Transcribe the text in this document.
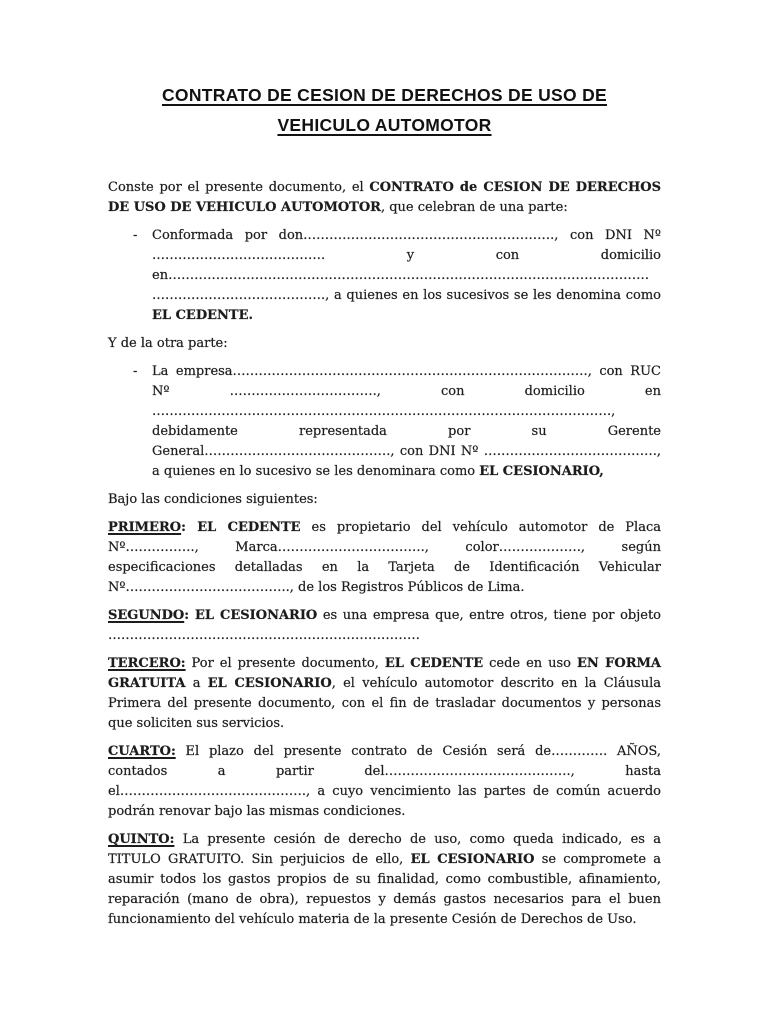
CONTRATO DE CESION DE DERECHOS DE USO DE
VEHICULO AUTOMOTOR

Conste por el presente documento, el CONTRATO de CESION DE DERECHOS DE USO DE VEHICULO AUTOMOTOR, que celebran de una parte:

- Conformada por don…………………………………………………., con DNI Nº …………………………………. y con domicilio en……………………………………………………………………………………………………………………………………., a quienes en los sucesivos se les denomina como EL CEDENTE.

Y de la otra parte:

- La empresa………………………………………………………………………., con RUC Nº ……………………………., con domicilio en ……………………………………………………………………………………………., debidamente representada por su Gerente General……………………………………., con DNI Nº …………………………………., a quienes en lo sucesivo se les denominara como EL CESIONARIO,

Bajo las condiciones siguientes:

PRIMERO: EL CEDENTE es propietario del vehículo automotor de Placa Nº……………., Marca……………………………., color………………., según especificaciones detalladas en la Tarjeta de Identificación Vehicular Nº……………………………….., de los Registros Públicos de Lima.

SEGUNDO: EL CESIONARIO es una empresa que, entre otros, tiene por objeto ………………………………………………………………

TERCERO: Por el presente documento, EL CEDENTE cede en uso EN FORMA GRATUITA a EL CESIONARIO, el vehículo automotor descrito en la Cláusula Primera del presente documento, con el fin de trasladar documentos y personas que soliciten sus servicios.

CUARTO: El plazo del presente contrato de Cesión será de…………. AÑOS, contados a partir del……………………………………., hasta el……………………………………., a cuyo vencimiento las partes de común acuerdo podrán renovar bajo las mismas condiciones.

QUINTO: La presente cesión de derecho de uso, como queda indicado, es a TITULO GRATUITO. Sin perjuicios de ello, EL CESIONARIO se compromete a asumir todos los gastos propios de su finalidad, como combustible, afinamiento, reparación (mano de obra), repuestos y demás gastos necesarios para el buen funcionamiento del vehículo materia de la presente Cesión de Derechos de Uso.
